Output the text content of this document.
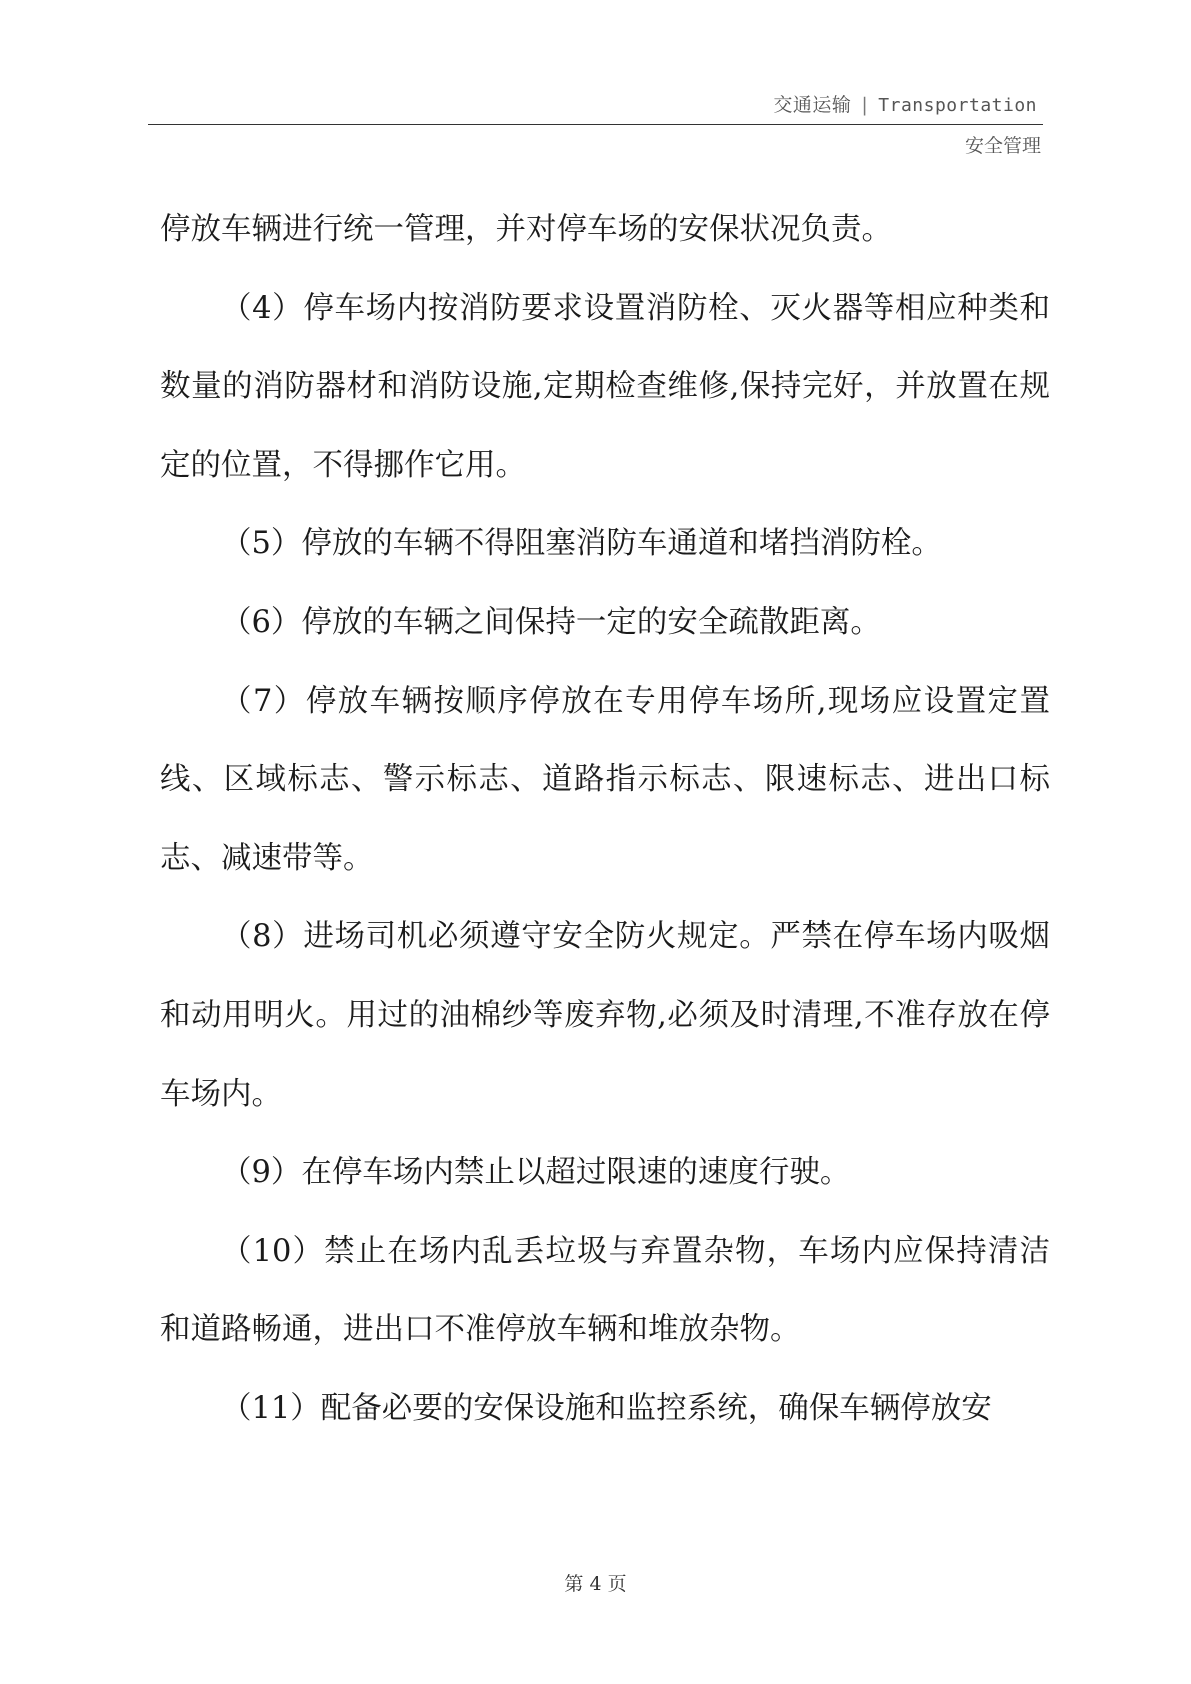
交通运输 | Transportation
安全管理

停放车辆进行统一管理，并对停车场的安保状况负责。

（4）停车场内按消防要求设置消防栓、灭火器等相应种类和数量的消防器材和消防设施,定期检查维修,保持完好，并放置在规定的位置，不得挪作它用。

（5）停放的车辆不得阻塞消防车通道和堵挡消防栓。

（6）停放的车辆之间保持一定的安全疏散距离。

（7）停放车辆按顺序停放在专用停车场所,现场应设置定置线、区域标志、警示标志、道路指示标志、限速标志、进出口标志、减速带等。

（8）进场司机必须遵守安全防火规定。严禁在停车场内吸烟和动用明火。用过的油棉纱等废弃物,必须及时清理,不准存放在停车场内。

（9）在停车场内禁止以超过限速的速度行驶。

（10）禁止在场内乱丢垃圾与弃置杂物，车场内应保持清洁和道路畅通，进出口不准停放车辆和堆放杂物。

（11）配备必要的安保设施和监控系统，确保车辆停放安

第 4 页
